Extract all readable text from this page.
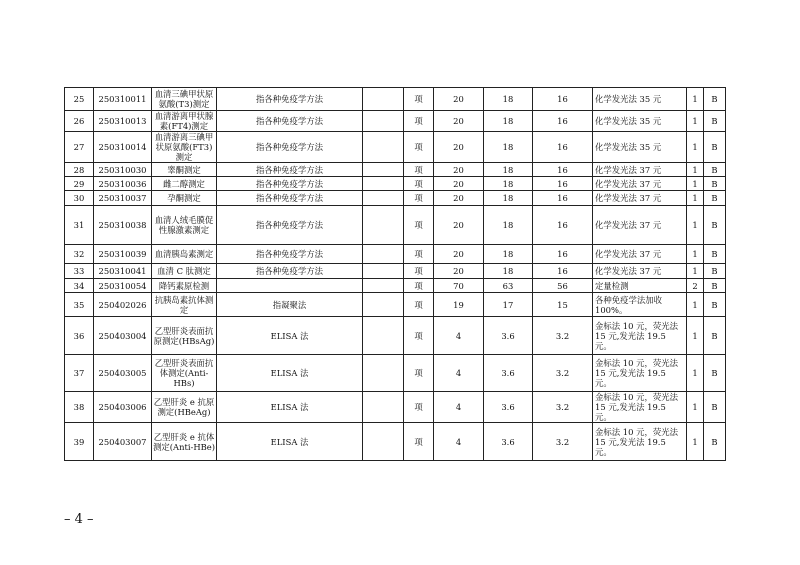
25	250310011	血清三碘甲状原氨酸(T3)测定	指各种免疫学方法		项	20	18	16	化学发光法 35 元	1	B
26	250310013	血清游离甲状腺素(FT4)测定	指各种免疫学方法		项	20	18	16	化学发光法 35 元	1	B
27	250310014	血清游离三碘甲状原氨酸(FT3)测定	指各种免疫学方法		项	20	18	16	化学发光法 35 元	1	B
28	250310030	睾酮测定	指各种免疫学方法		项	20	18	16	化学发光法 37 元	1	B
29	250310036	雌二醇测定	指各种免疫学方法		项	20	18	16	化学发光法 37 元	1	B
30	250310037	孕酮测定	指各种免疫学方法		项	20	18	16	化学发光法 37 元	1	B
31	250310038	血清人绒毛膜促性腺激素测定	指各种免疫学方法		项	20	18	16	化学发光法 37 元	1	B
32	250310039	血清胰岛素测定	指各种免疫学方法		项	20	18	16	化学发光法 37 元	1	B
33	250310041	血清 C 肽测定	指各种免疫学方法		项	20	18	16	化学发光法 37 元	1	B
34	250310054	降钙素原检测			项	70	63	56	定量检测	2	B
35	250402026	抗胰岛素抗体测定	指凝聚法		项	19	17	15	各种免疫学法加收 100%。	1	B
36	250403004	乙型肝炎表面抗原测定(HBsAg)	ELISA 法		项	4	3.6	3.2	金标法 10 元，荧光法 15 元,发光法 19.5 元。	1	B
37	250403005	乙型肝炎表面抗体测定(Anti-HBs)	ELISA 法		项	4	3.6	3.2	金标法 10 元，荧光法 15 元,发光法 19.5 元。	1	B
38	250403006	乙型肝炎 e 抗原测定(HBeAg)	ELISA 法		项	4	3.6	3.2	金标法 10 元，荧光法 15 元,发光法 19.5 元。	1	B
39	250403007	乙型肝炎 e 抗体测定(Anti-HBe)	ELISA 法		项	4	3.6	3.2	金标法 10 元，荧光法 15 元,发光法 19.5 元。	1	B
– 4 –
